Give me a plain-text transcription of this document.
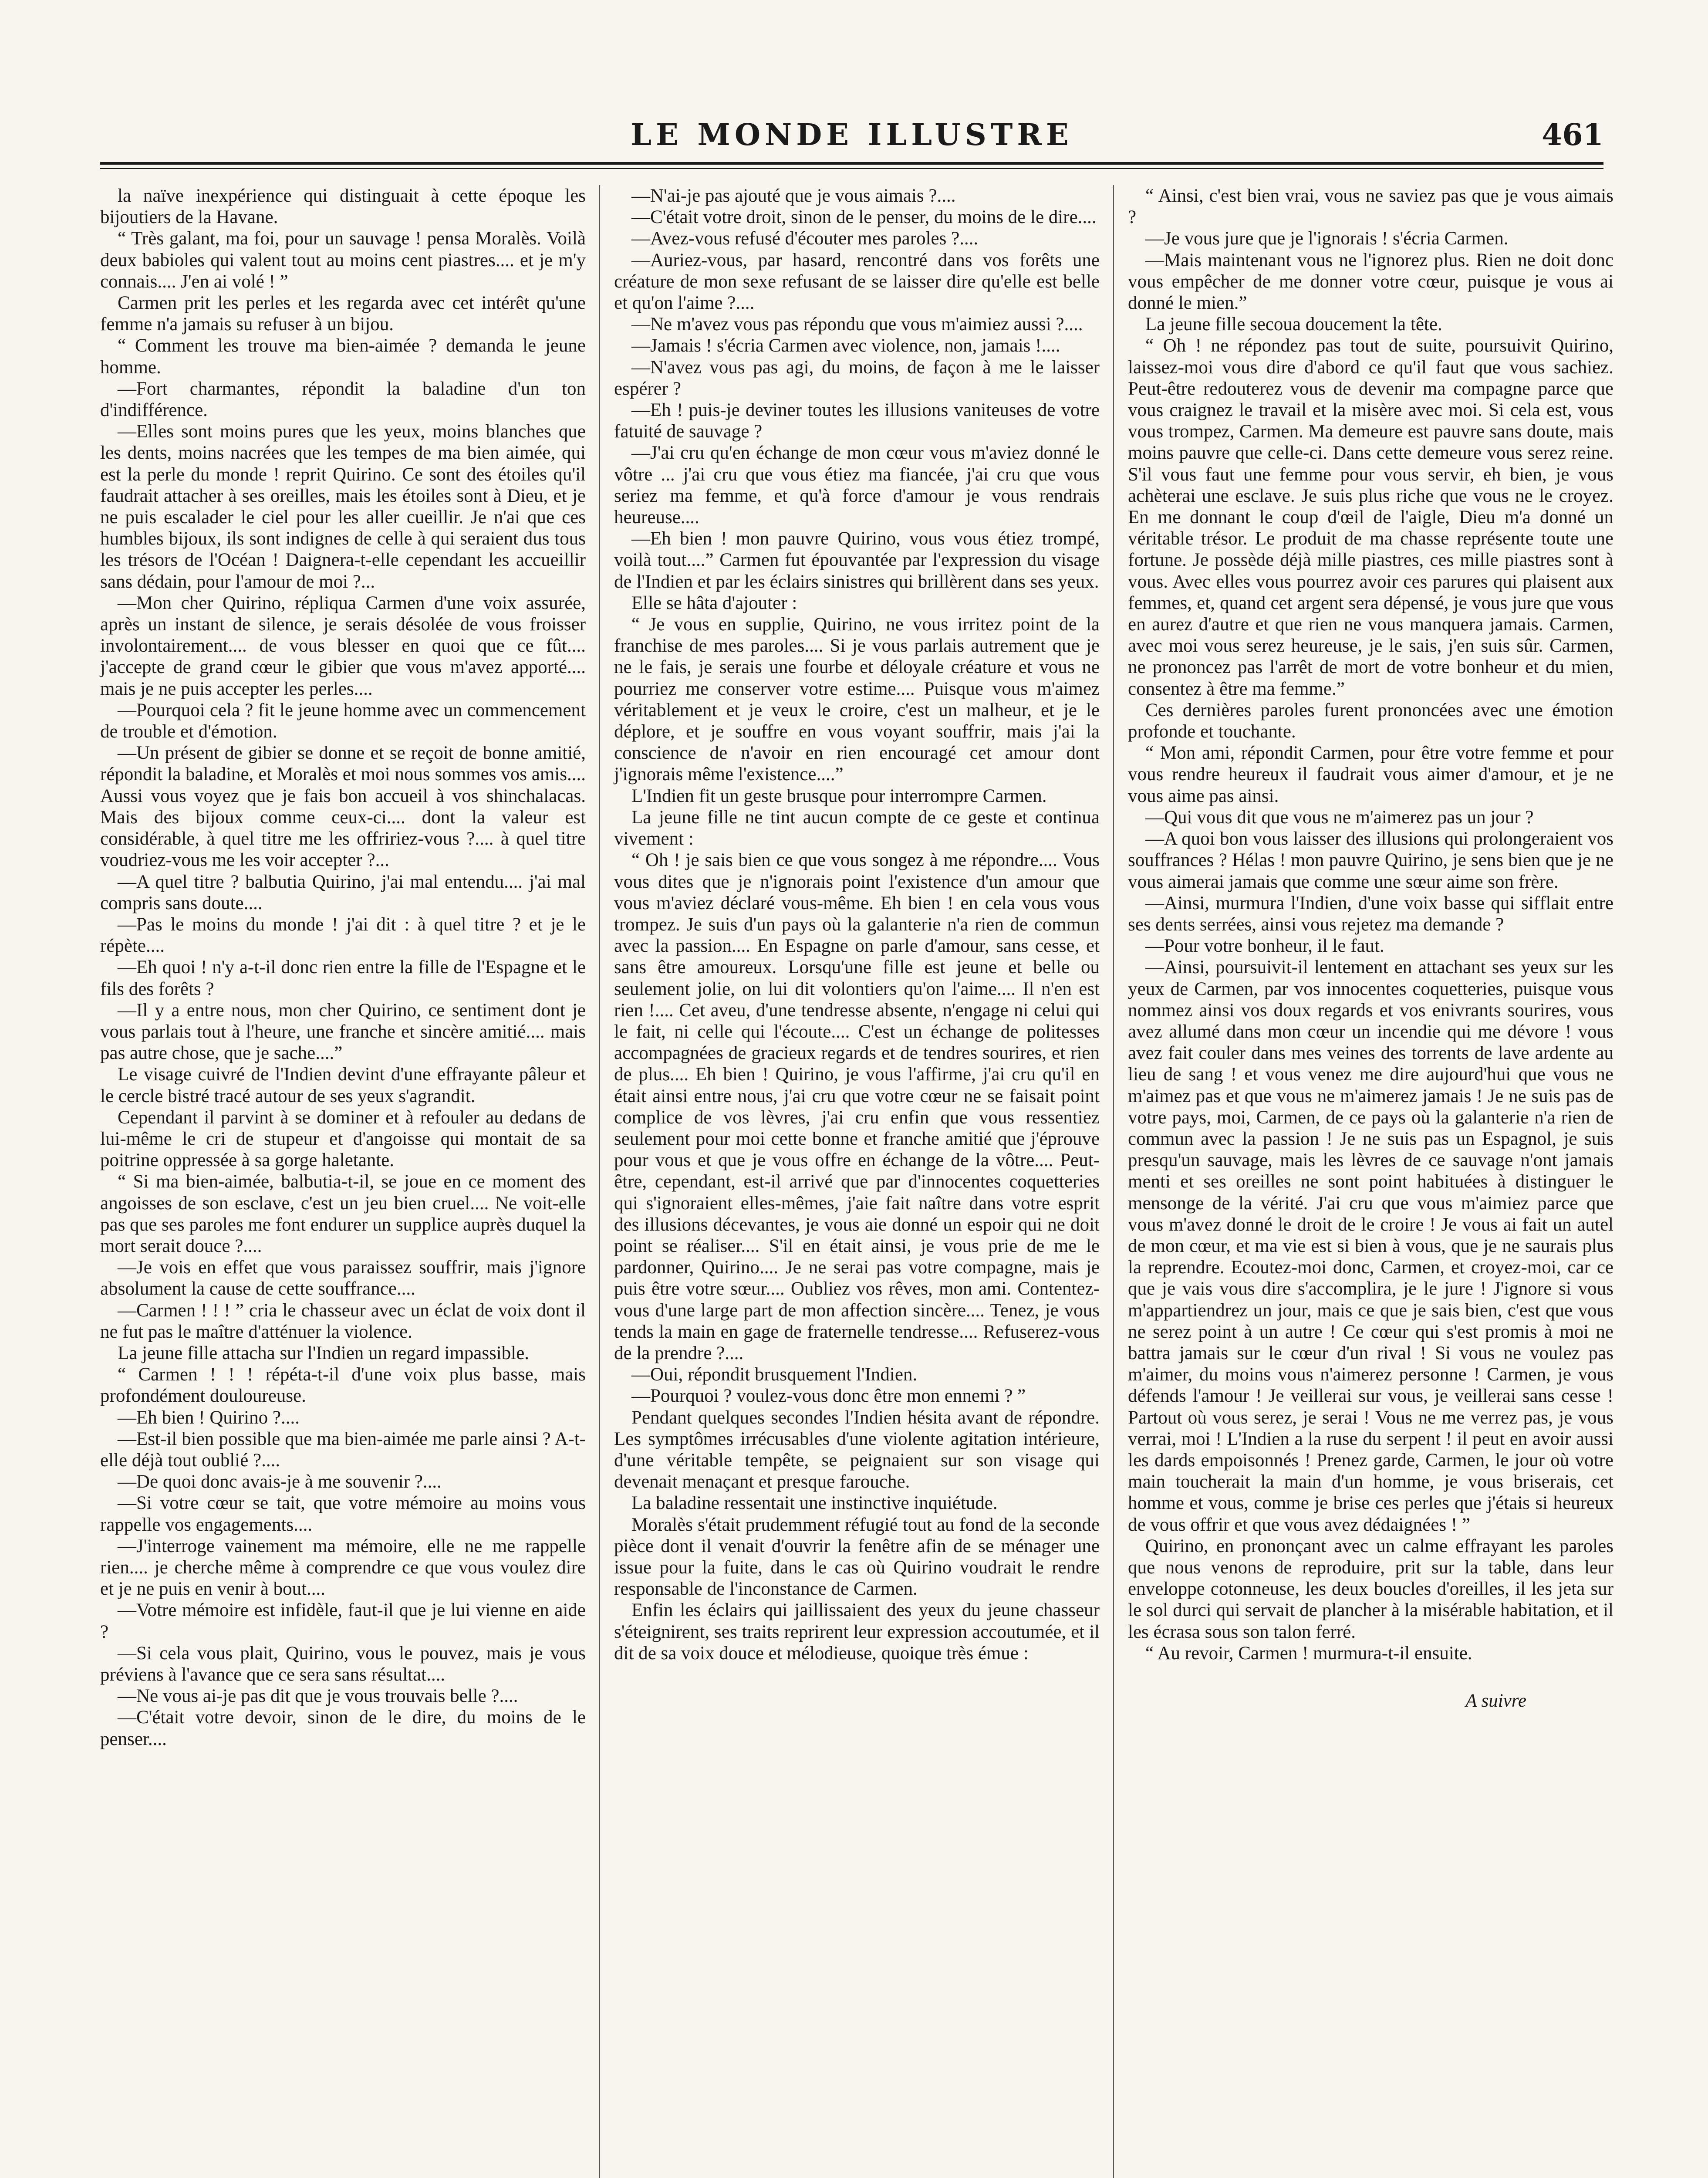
LE MONDE ILLUSTRE	461

la naïve inexpérience qui distinguait à cette époque les bijoutiers de la Havane.

“ Très galant, ma foi, pour un sauvage ! pensa Moralès. Voilà deux babioles qui valent tout au moins cent piastres.... et je m'y connais.... J'en ai volé ! ”

Carmen prit les perles et les regarda avec cet intérêt qu'une femme n'a jamais su refuser à un bijou.

“ Comment les trouve ma bien-aimée ? demanda le jeune homme.

—Fort charmantes, répondit la baladine d'un ton d'indifférence.

—Elles sont moins pures que les yeux, moins blanches que les dents, moins nacrées que les tempes de ma bien aimée, qui est la perle du monde ! reprit Quirino. Ce sont des étoiles qu'il faudrait attacher à ses oreilles, mais les étoiles sont à Dieu, et je ne puis escalader le ciel pour les aller cueillir. Je n'ai que ces humbles bijoux, ils sont indignes de celle à qui seraient dus tous les trésors de l'Océan ! Daignera-t-elle cependant les accueillir sans dédain, pour l'amour de moi ?...

—Mon cher Quirino, répliqua Carmen d'une voix assurée, après un instant de silence, je serais désolée de vous froisser involontairement.... de vous blesser en quoi que ce fût.... j'accepte de grand cœur le gibier que vous m'avez apporté.... mais je ne puis accepter les perles....

—Pourquoi cela ? fit le jeune homme avec un commencement de trouble et d'émotion.

—Un présent de gibier se donne et se reçoit de bonne amitié, répondit la baladine, et Moralès et moi nous sommes vos amis.... Aussi vous voyez que je fais bon accueil à vos shinchalacas. Mais des bijoux comme ceux-ci.... dont la valeur est considérable, à quel titre me les offririez-vous ?.... à quel titre voudriez-vous me les voir accepter ?...

—A quel titre ? balbutia Quirino, j'ai mal entendu.... j'ai mal compris sans doute....

—Pas le moins du monde ! j'ai dit : à quel titre ? et je le répète....

—Eh quoi ! n'y a-t-il donc rien entre la fille de l'Espagne et le fils des forêts ?

—Il y a entre nous, mon cher Quirino, ce sentiment dont je vous parlais tout à l'heure, une franche et sincère amitié.... mais pas autre chose, que je sache....”

Le visage cuivré de l'Indien devint d'une effrayante pâleur et le cercle bistré tracé autour de ses yeux s'agrandit.

Cependant il parvint à se dominer et à refouler au dedans de lui-même le cri de stupeur et d'angoisse qui montait de sa poitrine oppressée à sa gorge haletante.

“ Si ma bien-aimée, balbutia-t-il, se joue en ce moment des angoisses de son esclave, c'est un jeu bien cruel.... Ne voit-elle pas que ses paroles me font endurer un supplice auprès duquel la mort serait douce ?....

—Je vois en effet que vous paraissez souffrir, mais j'ignore absolument la cause de cette souffrance....

—Carmen ! ! ! ” cria le chasseur avec un éclat de voix dont il ne fut pas le maître d'atténuer la violence.

La jeune fille attacha sur l'Indien un regard impassible.

“ Carmen ! ! ! répéta-t-il d'une voix plus basse, mais profondément douloureuse.

—Eh bien ! Quirino ?....

—Est-il bien possible que ma bien-aimée me parle ainsi ? A-t-elle déjà tout oublié ?....

—De quoi donc avais-je à me souvenir ?....

—Si votre cœur se tait, que votre mémoire au moins vous rappelle vos engagements....

—J'interroge vainement ma mémoire, elle ne me rappelle rien.... je cherche même à comprendre ce que vous voulez dire et je ne puis en venir à bout....

—Votre mémoire est infidèle, faut-il que je lui vienne en aide ?

—Si cela vous plait, Quirino, vous le pouvez, mais je vous préviens à l'avance que ce sera sans résultat....

—Ne vous ai-je pas dit que je vous trouvais belle ?....

—C'était votre devoir, sinon de le dire, du moins de le penser....

—N'ai-je pas ajouté que je vous aimais ?....

—C'était votre droit, sinon de le penser, du moins de le dire....

—Avez-vous refusé d'écouter mes paroles ?....

—Auriez-vous, par hasard, rencontré dans vos forêts une créature de mon sexe refusant de se laisser dire qu'elle est belle et qu'on l'aime ?....

—Ne m'avez vous pas répondu que vous m'aimiez aussi ?....

—Jamais ! s'écria Carmen avec violence, non, jamais !....

—N'avez vous pas agi, du moins, de façon à me le laisser espérer ?

—Eh ! puis-je deviner toutes les illusions vaniteuses de votre fatuité de sauvage ?

—J'ai cru qu'en échange de mon cœur vous m'aviez donné le vôtre ... j'ai cru que vous étiez ma fiancée, j'ai cru que vous seriez ma femme, et qu'à force d'amour je vous rendrais heureuse....

—Eh bien ! mon pauvre Quirino, vous vous étiez trompé, voilà tout....” Carmen fut épouvantée par l'expression du visage de l'Indien et par les éclairs sinistres qui brillèrent dans ses yeux.

Elle se hâta d'ajouter :

“ Je vous en supplie, Quirino, ne vous irritez point de la franchise de mes paroles.... Si je vous parlais autrement que je ne le fais, je serais une fourbe et déloyale créature et vous ne pourriez me conserver votre estime.... Puisque vous m'aimez véritablement et je veux le croire, c'est un malheur, et je le déplore, et je souffre en vous voyant souffrir, mais j'ai la conscience de n'avoir en rien encouragé cet amour dont j'ignorais même l'existence....”

L'Indien fit un geste brusque pour interrompre Carmen.

La jeune fille ne tint aucun compte de ce geste et continua vivement :

“ Oh ! je sais bien ce que vous songez à me répondre.... Vous vous dites que je n'ignorais point l'existence d'un amour que vous m'aviez déclaré vous-même. Eh bien ! en cela vous vous trompez. Je suis d'un pays où la galanterie n'a rien de commun avec la passion.... En Espagne on parle d'amour, sans cesse, et sans être amoureux. Lorsqu'une fille est jeune et belle ou seulement jolie, on lui dit volontiers qu'on l'aime.... Il n'en est rien !.... Cet aveu, d'une tendresse absente, n'engage ni celui qui le fait, ni celle qui l'écoute.... C'est un échange de politesses accompagnées de gracieux regards et de tendres sourires, et rien de plus.... Eh bien ! Quirino, je vous l'affirme, j'ai cru qu'il en était ainsi entre nous, j'ai cru que votre cœur ne se faisait point complice de vos lèvres, j'ai cru enfin que vous ressentiez seulement pour moi cette bonne et franche amitié que j'éprouve pour vous et que je vous offre en échange de la vôtre.... Peut-être, cependant, est-il arrivé que par d'innocentes coquetteries qui s'ignoraient elles-mêmes, j'aie fait naître dans votre esprit des illusions décevantes, je vous aie donné un espoir qui ne doit point se réaliser.... S'il en était ainsi, je vous prie de me le pardonner, Quirino.... Je ne serai pas votre compagne, mais je puis être votre sœur.... Oubliez vos rêves, mon ami. Contentez-vous d'une large part de mon affection sincère.... Tenez, je vous tends la main en gage de fraternelle tendresse.... Refuserez-vous de la prendre ?....

—Oui, répondit brusquement l'Indien.

—Pourquoi ? voulez-vous donc être mon ennemi ? ”

Pendant quelques secondes l'Indien hésita avant de répondre. Les symptômes irrécusables d'une violente agitation intérieure, d'une véritable tempête, se peignaient sur son visage qui devenait menaçant et presque farouche.

La baladine ressentait une instinctive inquiétude.

Moralès s'était prudemment réfugié tout au fond de la seconde pièce dont il venait d'ouvrir la fenêtre afin de se ménager une issue pour la fuite, dans le cas où Quirino voudrait le rendre responsable de l'inconstance de Carmen.

Enfin les éclairs qui jaillissaient des yeux du jeune chasseur s'éteignirent, ses traits reprirent leur expression accoutumée, et il dit de sa voix douce et mélodieuse, quoique très émue :

“ Ainsi, c'est bien vrai, vous ne saviez pas que je vous aimais ?

—Je vous jure que je l'ignorais ! s'écria Carmen.

—Mais maintenant vous ne l'ignorez plus. Rien ne doit donc vous empêcher de me donner votre cœur, puisque je vous ai donné le mien.”

La jeune fille secoua doucement la tête.

“ Oh ! ne répondez pas tout de suite, poursuivit Quirino, laissez-moi vous dire d'abord ce qu'il faut que vous sachiez. Peut-être redouterez vous de devenir ma compagne parce que vous craignez le travail et la misère avec moi. Si cela est, vous vous trompez, Carmen. Ma demeure est pauvre sans doute, mais moins pauvre que celle-ci. Dans cette demeure vous serez reine. S'il vous faut une femme pour vous servir, eh bien, je vous achèterai une esclave. Je suis plus riche que vous ne le croyez. En me donnant le coup d'œil de l'aigle, Dieu m'a donné un véritable trésor. Le produit de ma chasse représente toute une fortune. Je possède déjà mille piastres, ces mille piastres sont à vous. Avec elles vous pourrez avoir ces parures qui plaisent aux femmes, et, quand cet argent sera dépensé, je vous jure que vous en aurez d'autre et que rien ne vous manquera jamais. Carmen, avec moi vous serez heureuse, je le sais, j'en suis sûr. Carmen, ne prononcez pas l'arrêt de mort de votre bonheur et du mien, consentez à être ma femme.”

Ces dernières paroles furent prononcées avec une émotion profonde et touchante.

“ Mon ami, répondit Carmen, pour être votre femme et pour vous rendre heureux il faudrait vous aimer d'amour, et je ne vous aime pas ainsi.

—Qui vous dit que vous ne m'aimerez pas un jour ?

—A quoi bon vous laisser des illusions qui prolongeraient vos souffrances ? Hélas ! mon pauvre Quirino, je sens bien que je ne vous aimerai jamais que comme une sœur aime son frère.

—Ainsi, murmura l'Indien, d'une voix basse qui sifflait entre ses dents serrées, ainsi vous rejetez ma demande ?

—Pour votre bonheur, il le faut.

—Ainsi, poursuivit-il lentement en attachant ses yeux sur les yeux de Carmen, par vos innocentes coquetteries, puisque vous nommez ainsi vos doux regards et vos enivrants sourires, vous avez allumé dans mon cœur un incendie qui me dévore ! vous avez fait couler dans mes veines des torrents de lave ardente au lieu de sang ! et vous venez me dire aujourd'hui que vous ne m'aimez pas et que vous ne m'aimerez jamais ! Je ne suis pas de votre pays, moi, Carmen, de ce pays où la galanterie n'a rien de commun avec la passion ! Je ne suis pas un Espagnol, je suis presqu'un sauvage, mais les lèvres de ce sauvage n'ont jamais menti et ses oreilles ne sont point habituées à distinguer le mensonge de la vérité. J'ai cru que vous m'aimiez parce que vous m'avez donné le droit de le croire ! Je vous ai fait un autel de mon cœur, et ma vie est si bien à vous, que je ne saurais plus la reprendre. Ecoutez-moi donc, Carmen, et croyez-moi, car ce que je vais vous dire s'accomplira, je le jure ! J'ignore si vous m'appartiendrez un jour, mais ce que je sais bien, c'est que vous ne serez point à un autre ! Ce cœur qui s'est promis à moi ne battra jamais sur le cœur d'un rival ! Si vous ne voulez pas m'aimer, du moins vous n'aimerez personne ! Carmen, je vous défends l'amour ! Je veillerai sur vous, je veillerai sans cesse ! Partout où vous serez, je serai ! Vous ne me verrez pas, je vous verrai, moi ! L'Indien a la ruse du serpent ! il peut en avoir aussi les dards empoisonnés ! Prenez garde, Carmen, le jour où votre main toucherait la main d'un homme, je vous briserais, cet homme et vous, comme je brise ces perles que j'étais si heureux de vous offrir et que vous avez dédaignées ! ”

Quirino, en prononçant avec un calme effrayant les paroles que nous venons de reproduire, prit sur la table, dans leur enveloppe cotonneuse, les deux boucles d'oreilles, il les jeta sur le sol durci qui servait de plancher à la misérable habitation, et il les écrasa sous son talon ferré.

“ Au revoir, Carmen ! murmura-t-il ensuite.

A suivre
